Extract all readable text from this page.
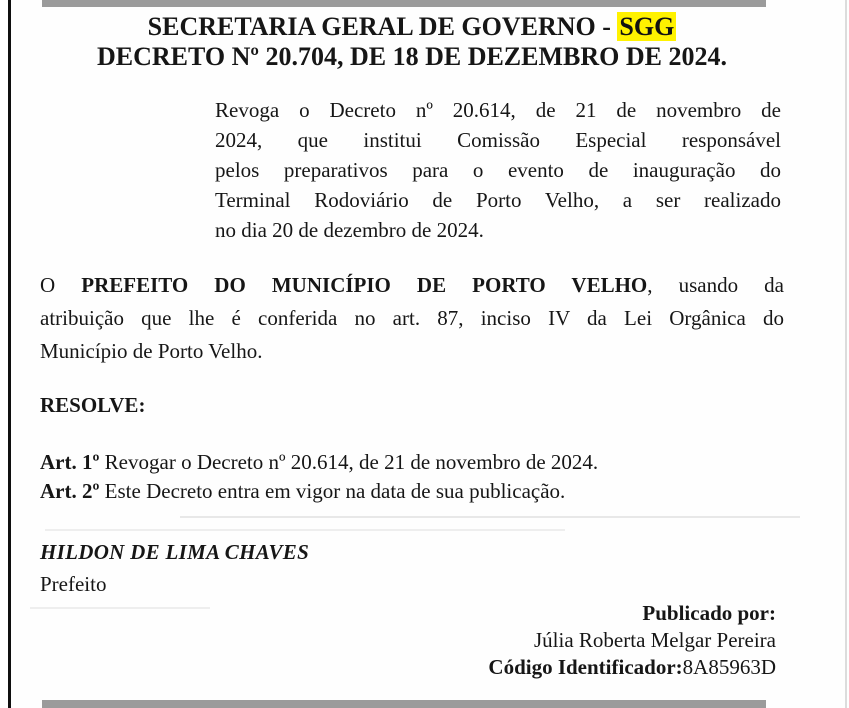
SECRETARIA GERAL DE GOVERNO - SGG
DECRETO Nº 20.704, DE 18 DE DEZEMBRO DE 2024.
Revoga o Decreto nº 20.614, de 21 de novembro de
2024, que institui Comissão Especial responsável
pelos preparativos para o evento de inauguração do
Terminal Rodoviário de Porto Velho, a ser realizado
no dia 20 de dezembro de 2024.
O PREFEITO DO MUNICÍPIO DE PORTO VELHO, usando da
atribuição que lhe é conferida no art. 87, inciso IV da Lei Orgânica do
Município de Porto Velho.
RESOLVE:
Art. 1º Revogar o Decreto nº 20.614, de 21 de novembro de 2024.
Art. 2º Este Decreto entra em vigor na data de sua publicação.
HILDON DE LIMA CHAVES
Prefeito
Publicado por:
Júlia Roberta Melgar Pereira
Código Identificador:8A85963D
